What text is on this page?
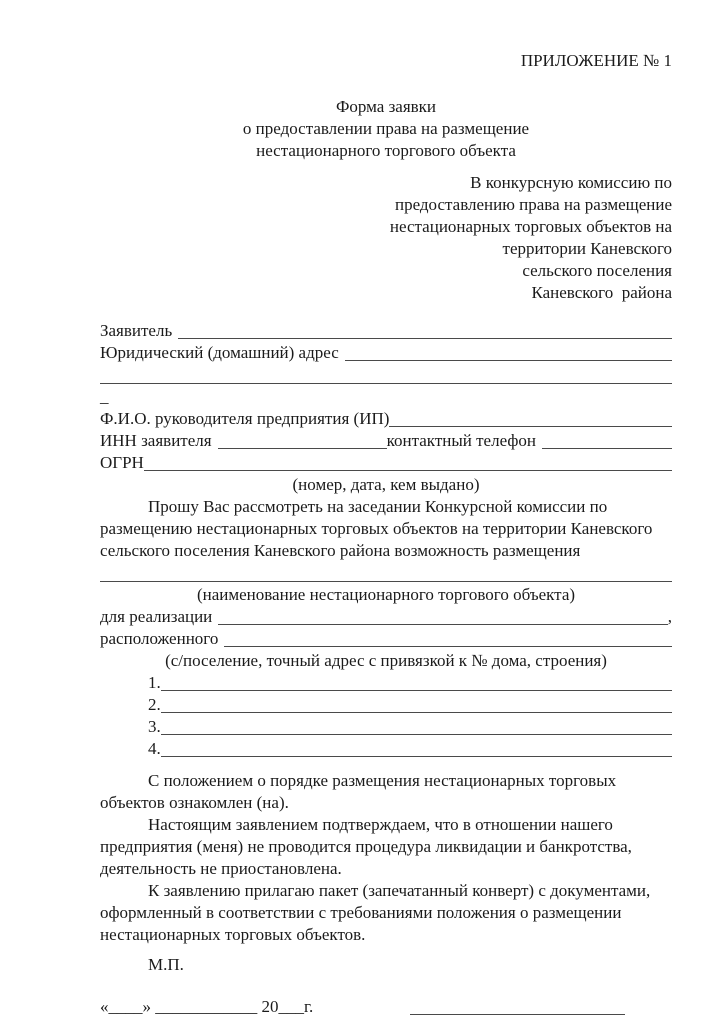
ПРИЛОЖЕНИЕ № 1
Форма заявки
о предоставлении права на размещение
нестационарного торгового объекта
В конкурсную комиссию по
предоставлению права на размещение
нестационарных торговых объектов на
территории Каневского
сельского поселения
Каневского  района
Заявитель
Юридический (домашний) адрес
_
Ф.И.О. руководителя предприятия (ИП)
ИНН заявителя	контактный телефон
ОГРН
(номер, дата, кем выдано)
Прошу Вас рассмотреть на заседании Конкурсной комиссии по размещению нестационарных торговых объектов на территории Каневского сельского поселения Каневского района возможность размещения
(наименование нестационарного торгового объекта)
для реализации	,
расположенного
(с/поселение, точный адрес с привязкой к № дома, строения)
1.
2.
3.
4.
С положением о порядке размещения нестационарных торговых объектов ознакомлен (на).
Настоящим заявлением подтверждаем, что в отношении нашего предприятия (меня) не проводится процедура ликвидации и банкротства, деятельность не приостановлена.
К заявлению прилагаю пакет (запечатанный конверт) с документами, оформленный в соответствии с требованиями положения о размещении нестационарных торговых объектов.
М.П.
«____» ____________ 20___г.
